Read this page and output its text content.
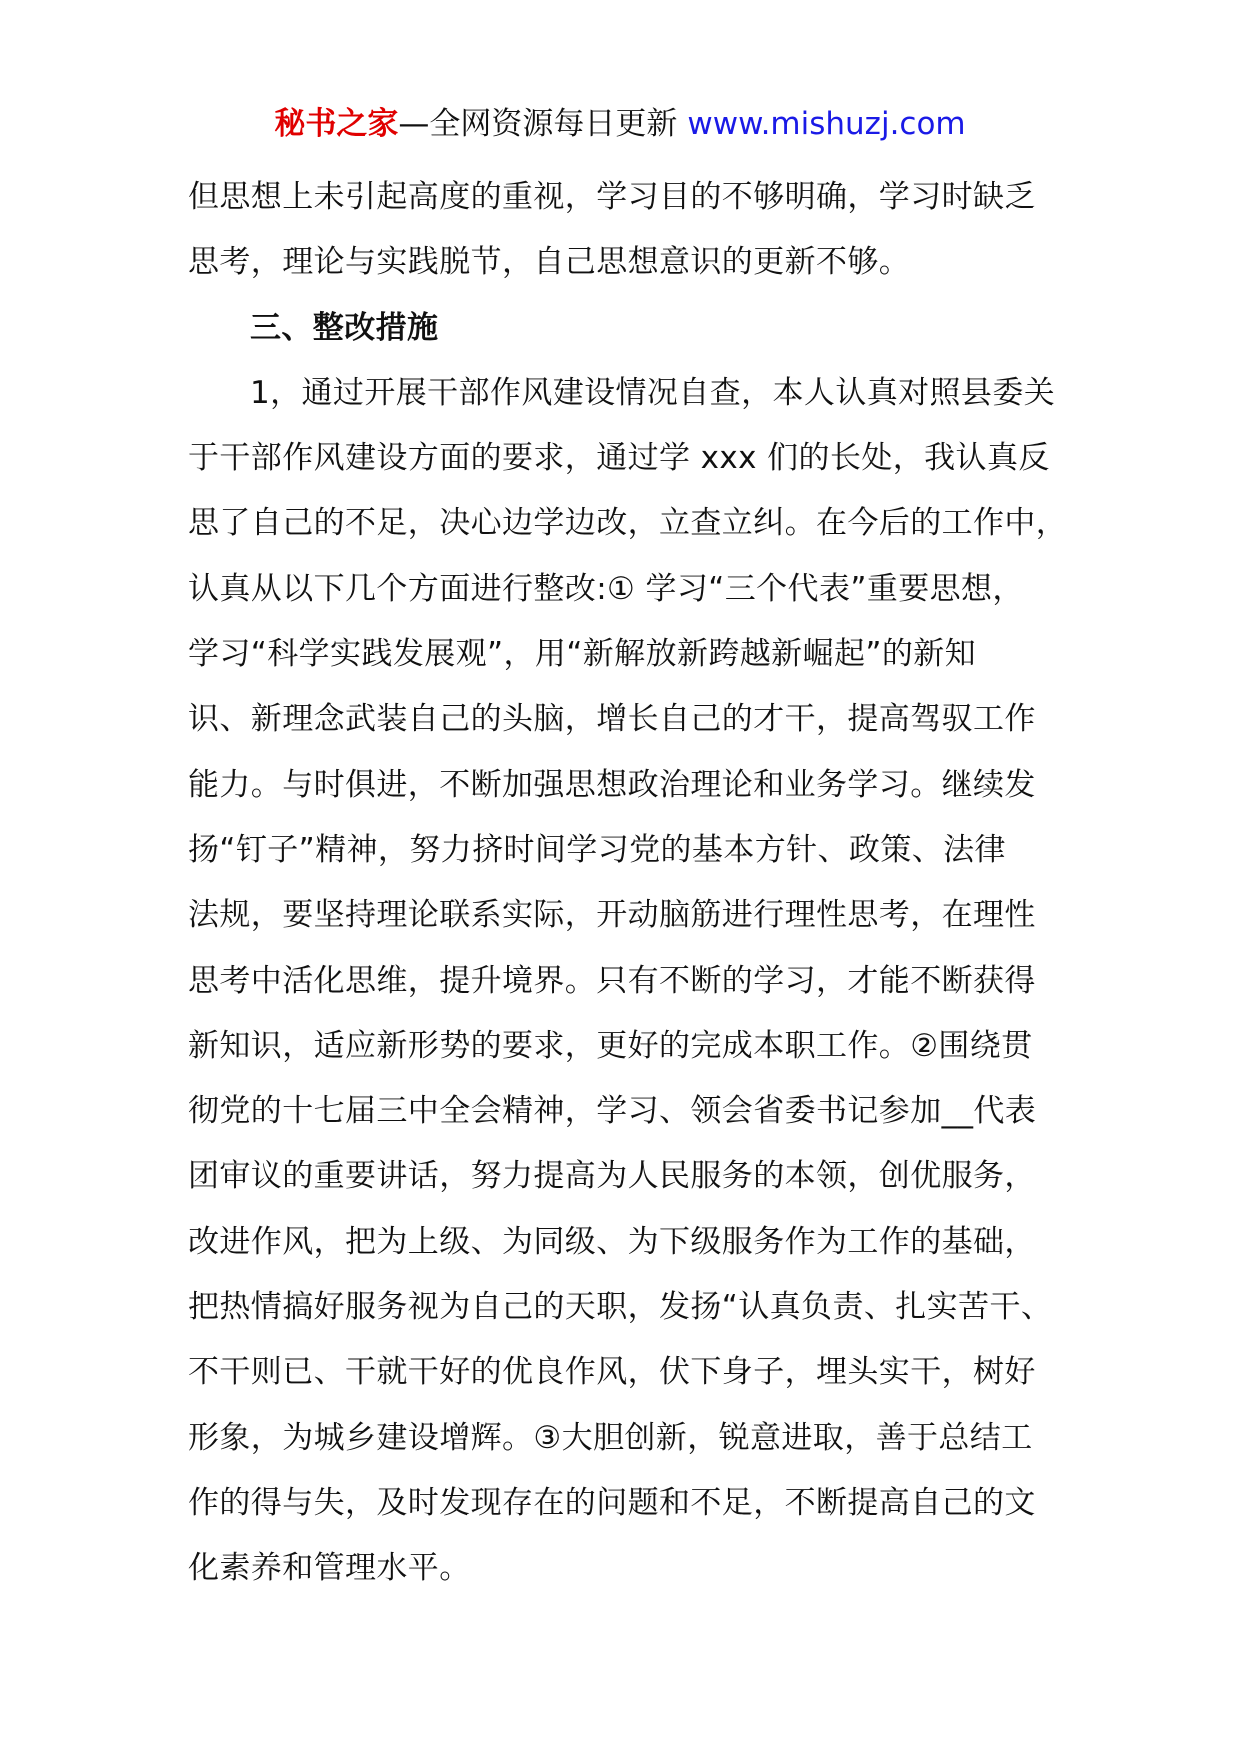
秘书之家—全网资源每日更新 www.mishuzj.com
但思想上未引起高度的重视，学习目的不够明确，学习时缺乏
思考，理论与实践脱节，自己思想意识的更新不够。
三、整改措施
1，通过开展干部作风建设情况自查，本人认真对照县委关
于干部作风建设方面的要求，通过学 xxx 们的长处，我认真反
思了自己的不足，决心边学边改，立查立纠。在今后的工作中，
认真从以下几个方面进行整改:① 学习“三个代表”重要思想，
学习“科学实践发展观”，用“新解放新跨越新崛起”的新知
识、新理念武装自己的头脑，增长自己的才干，提高驾驭工作
能力。与时俱进，不断加强思想政治理论和业务学习。继续发
扬“钉子”精神，努力挤时间学习党的基本方针、政策、法律
法规，要坚持理论联系实际，开动脑筋进行理性思考，在理性
思考中活化思维，提升境界。只有不断的学习，才能不断获得
新知识，适应新形势的要求，更好的完成本职工作。②围绕贯
彻党的十七届三中全会精神，学习、领会省委书记参加__代表
团审议的重要讲话，努力提高为人民服务的本领，创优服务，
改进作风，把为上级、为同级、为下级服务作为工作的基础，
把热情搞好服务视为自己的天职，发扬“认真负责、扎实苦干、
不干则已、干就干好的优良作风，伏下身子，埋头实干，树好
形象，为城乡建设增辉。③大胆创新，锐意进取，善于总结工
作的得与失，及时发现存在的问题和不足，不断提高自己的文
化素养和管理水平。
